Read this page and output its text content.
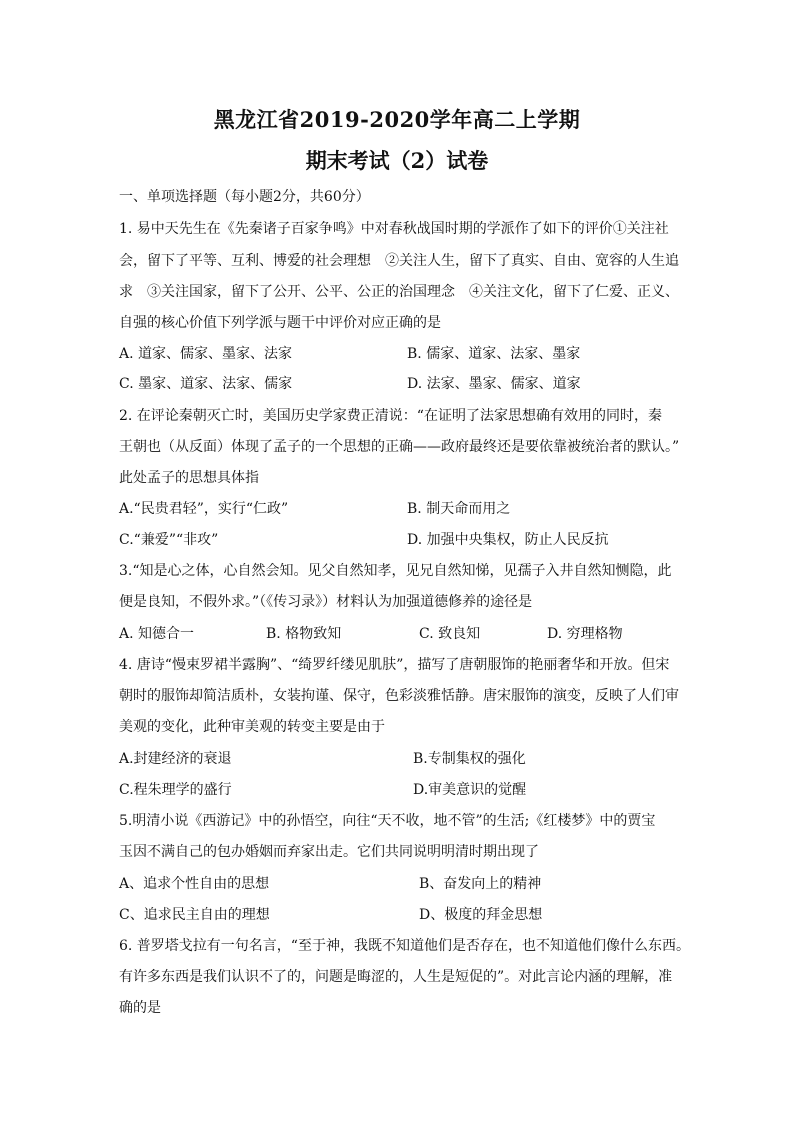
黑龙江省2019-2020学年高二上学期
期末考试（2）试卷
一、单项选择题（每小题2分，共60分）
1. 易中天先生在《先秦诸子百家争鸣》中对春秋战国时期的学派作了如下的评价①关注社
会，留下了平等、互利、博爱的社会理想　②关注人生，留下了真实、自由、宽容的人生追
求　③关注国家，留下了公开、公平、公正的治国理念　④关注文化，留下了仁爱、正义、
自强的核心价值下列学派与题干中评价对应正确的是
A. 道家、儒家、墨家、法家	B. 儒家、道家、法家、墨家
C. 墨家、道家、法家、儒家	D. 法家、墨家、儒家、道家
2. 在评论秦朝灭亡时，美国历史学家费正清说：“在证明了法家思想确有效用的同时，秦
王朝也（从反面）体现了孟子的一个思想的正确——政府最终还是要依靠被统治者的默认。”
此处孟子的思想具体指
A.“民贵君轻”，实行“仁政”	B. 制天命而用之
C.“兼爱”“非攻”	D. 加强中央集权，防止人民反抗
3.“知是心之体，心自然会知。见父自然知孝，见兄自然知悌，见孺子入井自然知恻隐，此
便是良知，不假外求。”（《传习录》）材料认为加强道德修养的途径是
A. 知德合一	B. 格物致知	C. 致良知	D. 穷理格物
4. 唐诗“慢束罗裙半露胸”、“绮罗纤缕见肌肤”，描写了唐朝服饰的艳丽奢华和开放。但宋
朝时的服饰却简洁质朴，女装拘谨、保守，色彩淡雅恬静。唐宋服饰的演变，反映了人们审
美观的变化，此种审美观的转变主要是由于
A.封建经济的衰退	B.专制集权的强化
C.程朱理学的盛行	D.审美意识的觉醒
5.明清小说《西游记》中的孙悟空，向往“天不收，地不管”的生活;《红楼梦》中的贾宝
玉因不满自己的包办婚姻而弃家出走。它们共同说明明清时期出现了
A、追求个性自由的思想	B、奋发向上的精神
C、追求民主自由的理想	D、极度的拜金思想
6. 普罗塔戈拉有一句名言，“至于神，我既不知道他们是否存在，也不知道他们像什么东西。
有许多东西是我们认识不了的，问题是晦涩的，人生是短促的”。对此言论内涵的理解，准
确的是
